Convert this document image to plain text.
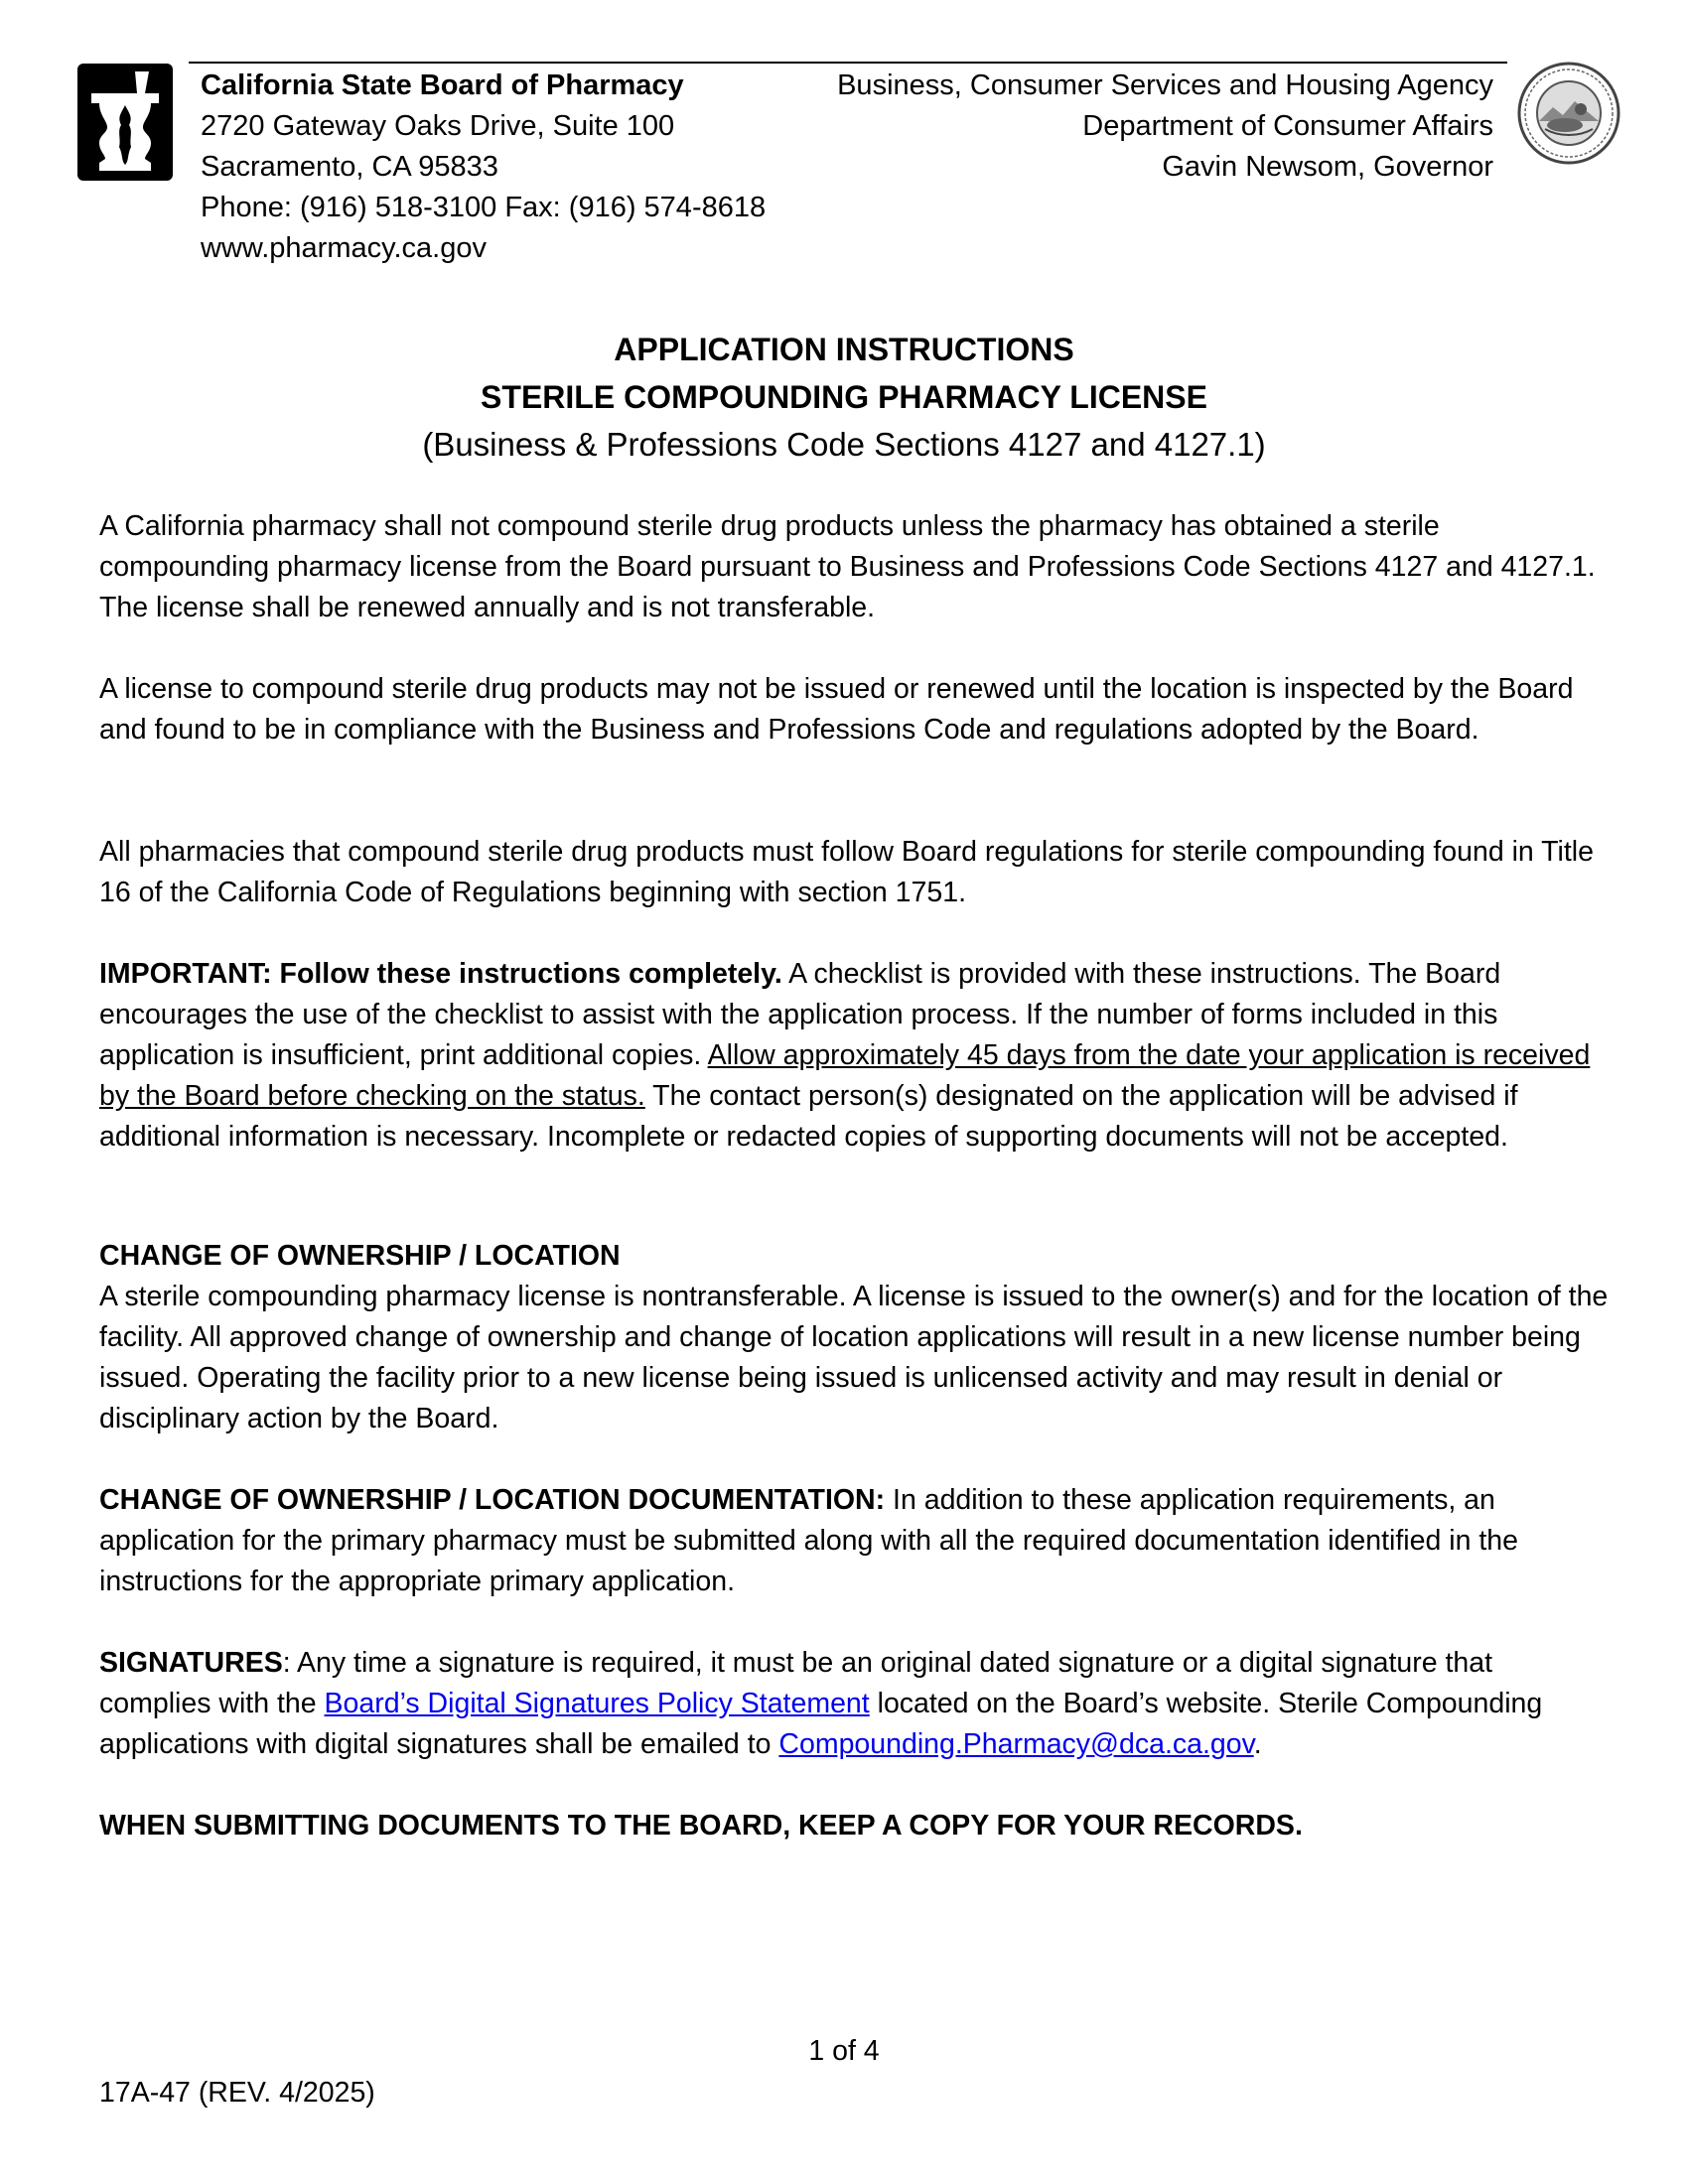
California State Board of Pharmacy
2720 Gateway Oaks Drive, Suite 100
Sacramento, CA 95833
Phone: (916) 518-3100 Fax: (916) 574-8618
www.pharmacy.ca.gov
Business, Consumer Services and Housing Agency
Department of Consumer Affairs
Gavin Newsom, Governor
APPLICATION INSTRUCTIONS
STERILE COMPOUNDING PHARMACY LICENSE
(Business & Professions Code Sections 4127 and 4127.1)
A California pharmacy shall not compound sterile drug products unless the pharmacy has obtained a sterile compounding pharmacy license from the Board pursuant to Business and Professions Code Sections 4127 and 4127.1. The license shall be renewed annually and is not transferable.
A license to compound sterile drug products may not be issued or renewed until the location is inspected by the Board and found to be in compliance with the Business and Professions Code and regulations adopted by the Board.
All pharmacies that compound sterile drug products must follow Board regulations for sterile compounding found in Title 16 of the California Code of Regulations beginning with section 1751.
IMPORTANT: Follow these instructions completely. A checklist is provided with these instructions. The Board encourages the use of the checklist to assist with the application process. If the number of forms included in this application is insufficient, print additional copies. Allow approximately 45 days from the date your application is received by the Board before checking on the status. The contact person(s) designated on the application will be advised if additional information is necessary. Incomplete or redacted copies of supporting documents will not be accepted.
CHANGE OF OWNERSHIP / LOCATION
A sterile compounding pharmacy license is nontransferable. A license is issued to the owner(s) and for the location of the facility. All approved change of ownership and change of location applications will result in a new license number being issued. Operating the facility prior to a new license being issued is unlicensed activity and may result in denial or disciplinary action by the Board.
CHANGE OF OWNERSHIP / LOCATION DOCUMENTATION: In addition to these application requirements, an application for the primary pharmacy must be submitted along with all the required documentation identified in the instructions for the appropriate primary application.
SIGNATURES: Any time a signature is required, it must be an original dated signature or a digital signature that complies with the Board’s Digital Signatures Policy Statement located on the Board’s website. Sterile Compounding applications with digital signatures shall be emailed to Compounding.Pharmacy@dca.ca.gov.
WHEN SUBMITTING DOCUMENTS TO THE BOARD, KEEP A COPY FOR YOUR RECORDS.
1 of 4
17A-47 (REV. 4/2025)
